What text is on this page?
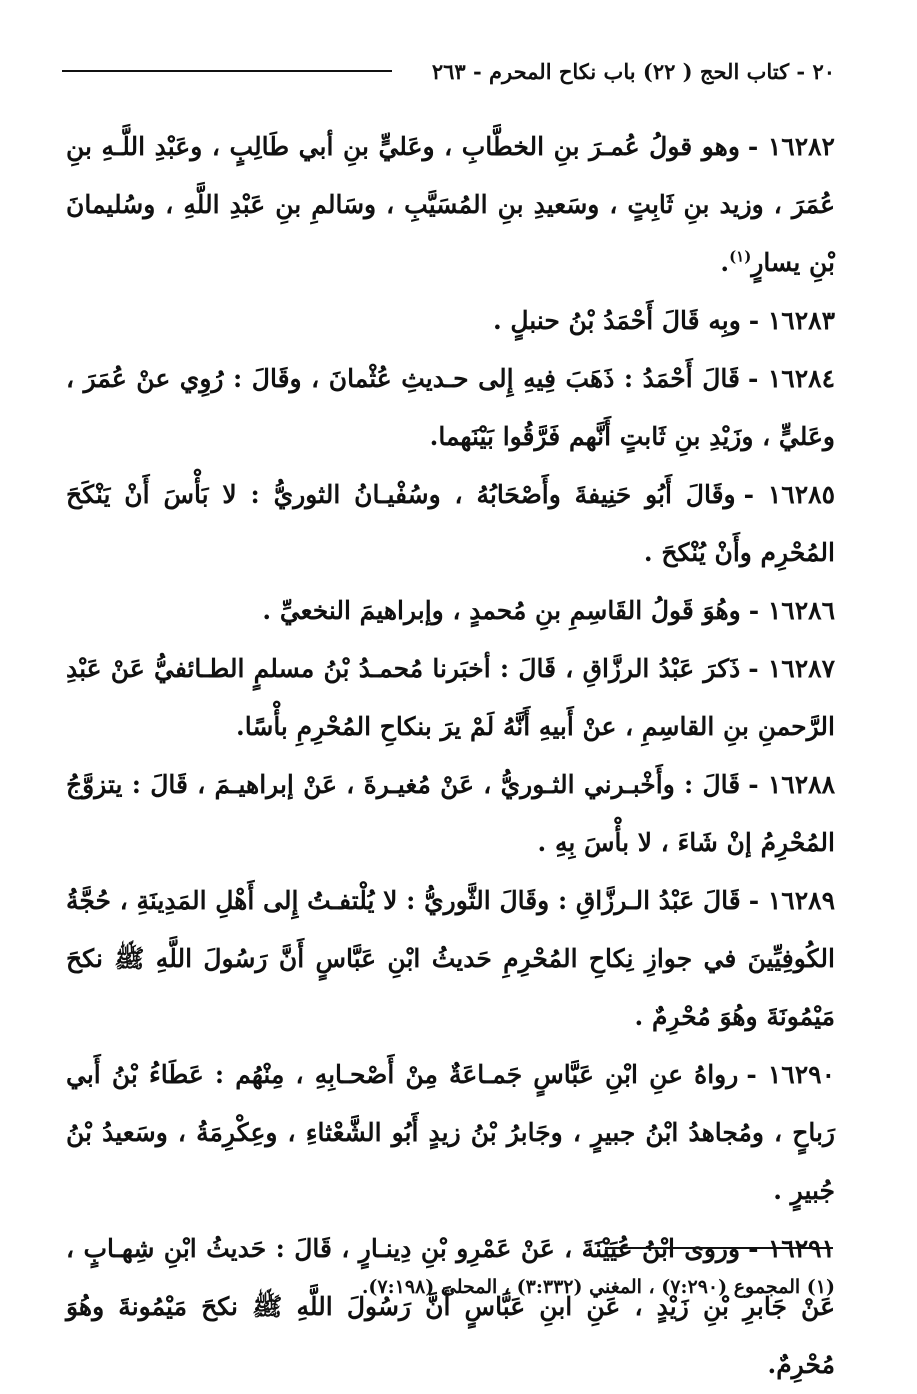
٢٠ - كتاب الحج ( ٢٢) باب نكاح المحرم - ٢٦٣

١٦٢٨٢ -وهو قولُ عُمـرَ بنِ الخطَّابِ ، وعَليٍّ بنِ أبي طَالِبٍ ، وعَبْدِ اللَّـهِ بنِ عُمَرَ ، وزيد بنِ ثَابِتٍ ، وسَعيدِ بنِ المُسَيَّبِ ، وسَالمِ بنِ عَبْدِ اللَّهِ ، وسُليمانَ بْنِ يسارٍ$^{(١)}$.

١٦٢٨٣ -وبِه قَالَ أَحْمَدُ بْنُ حنبلٍ .

١٦٢٨٤ -قَالَ أَحْمَدُ : ذَهَبَ فِيهِ إِلى حـديثِ عُثْمانَ ، وقَالَ : رُوِي عنْ عُمَرَ ، وعَليٍّ ، وزَيْدِ بنِ ثَابتٍ أَنَّهم فَرَّقُوا بَيْنَهما.

١٦٢٨٥ -وقَالَ أَبُو حَنِيفةَ وأَصْحَابُهُ ، وسُفْيـانُ الثوريُّ : لا بَأْسَ أَنْ يَنْكَحَ المُحْرِم وأَنْ يُنْكحَ .

١٦٢٨٦ -وهُوَ قَولُ القَاسِمِ بنِ مُحمدٍ ، وإبراهيمَ النخعيِّ .

١٦٢٨٧ -ذَكرَ عَبْدُ الرزَّاقِ ، قَالَ : أخبَرنا مُحمـدُ بْنُ مسلمٍ الطـائفيُّ عَنْ عَبْدِ الرَّحمنِ بنِ القاسِمِ ، عنْ أَبيهِ أَنَّهُ لَمْ يرَ بنكاحِ المُحْرِمِ بأْسًا.

١٦٢٨٨ -قَالَ : وأَخْبـرني الثـوريُّ ، عَنْ مُغيـرةَ ، عَنْ إبراهيـمَ ، قَالَ : يتزوَّجُ المُحْرِمُ إنْ شَاءَ ، لا بأْسَ بِهِ .

١٦٢٨٩ -قَالَ عَبْدُ الـرزَّاقِ : وقَالَ الثَّوريُّ : لا يُلْتفـتُ إِلى أَهْلِ المَدِينَةِ ، حُجَّةُ الكُوفِيِّينَ في جوازِ نِكاحِ المُحْرِمِ حَديثُ ابْنِ عَبَّاسٍ أَنَّ رَسُولَ اللَّهِ ﷺ نكحَ مَيْمُونَةَ وهُوَ مُحْرِمٌ .

١٦٢٩٠ -رواهُ عنِ ابْنِ عَبَّاسٍ جَمـاعَةٌ مِنْ أَصْحـابِهِ ، مِنْهُم : عَطَاءُ بْنُ أَبي رَباحٍ ، ومُجاهدُ ابْنُ جبيرٍ ، وجَابرُ بْنُ زيدٍ أَبُو الشَّعْثاءِ ، وعِكْرِمَةُ ، وسَعيدُ بْنُ جُبيرٍ .

١٦٢٩١ -وروى ابْنُ عُيَيْنَةَ ، عَنْ عَمْرِو بْنِ دِينـارٍ ، قَالَ : حَديثُ ابْنِ شِهـابٍ ، عَنْ جَابرِ بْنِ زَيْدٍ ، عَنِ ابنِ عَبَّاسٍ أَنَّ رَسُولَ اللَّهِ ﷺ نكحَ مَيْمُونةَ وهُوَ مُحْرِمٌ.

(١) المجموع (٧:٢٩٠) ، المغني (٣:٣٣٢) ، المحلى (٧:١٩٨).
